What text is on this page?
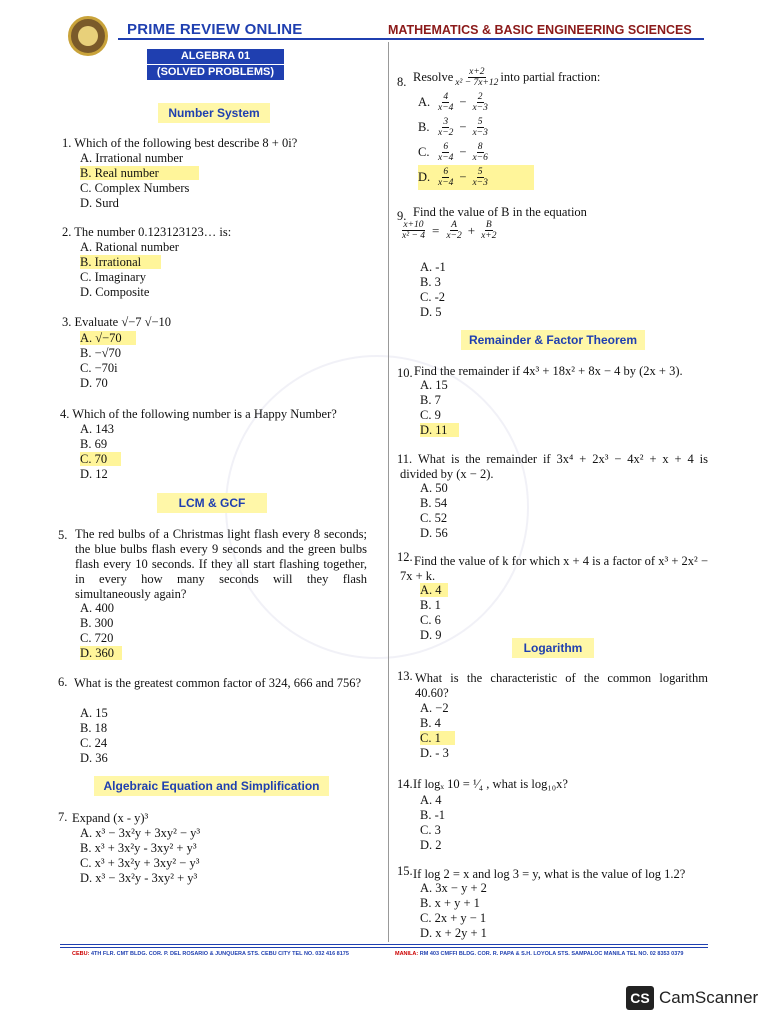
PRIME REVIEW ONLINE	MATHEMATICS & BASIC ENGINEERING SCIENCES
ALGEBRA 01
(SOLVED PROBLEMS)
Number System
1. Which of the following best describe 8 + 0i?
A. Irrational number
B. Real number
C. Complex Numbers
D. Surd
2. The number 0.123123123… is:
A. Rational number
B. Irrational
C. Imaginary
D. Composite
3. Evaluate √−7 √−10
A. √−70
B. −√70
C. −70i
D. 70
4. Which of the following number is a Happy Number?
A. 143
B. 69
C. 70
D. 12
LCM & GCF
5. The red bulbs of a Christmas light flash every 8 seconds; the blue bulbs flash every 9 seconds and the green bulbs flash every 10 seconds. If they all start flashing together, in every how many seconds will they flash simultaneously again?
A. 400
B. 300
C. 720
D. 360
6. What is the greatest common factor of 324, 666 and 756?
A. 15
B. 18
C. 24
D. 36
Algebraic Equation and Simplification
7. Expand (x - y)³
A. x³ − 3x²y + 3xy² − y³
B. x³ + 3x²y - 3xy² + y³
C. x³ + 3x²y + 3xy² − y³
D. x³ − 3x²y - 3xy² + y³
8. Resolve $\frac{x+2}{\text{x² − 7x+12}}$ into partial fraction:
A. $\frac{4}{x-4} - \frac{2}{x-3}$
B. $\frac{3}{x-2} - \frac{5}{x-3}$
C. $\frac{6}{x-4} - \frac{8}{x-6}$
D. $\frac{6}{x-4} - \frac{5}{x-3}$
9. Find the value of B in the equation
$\frac{x+10}{\text{x² − 4}} = \frac{A}{x-2} + \frac{B}{x+2}$
A. -1
B. 3
C. -2
D. 5
Remainder & Factor Theorem
10. Find the remainder if 4x³ + 18x² + 8x − 4 by (2x + 3).
A. 15
B. 7
C. 9
D. 11
11. What is the remainder if 3x⁴ + 2x³ − 4x² + x + 4 is divided by (x − 2).
A. 50
B. 54
C. 52
D. 56
12. Find the value of k for which x + 4 is a factor of x³ + 2x² − 7x + k.
A. 4
B. 1
C. 6
D. 9
Logarithm
13. What is the characteristic of the common logarithm 40.60?
A. −2
B. 4
C. 1
D. - 3
14. If logₓ 10 = ¹⁄₄ , what is log₁₀x?
A. 4
B. -1
C. 3
D. 2
15. If log 2 = x and log 3 = y, what is the value of log 1.2?
A. 3x − y + 2
B. x + y + 1
C. 2x + y − 1
D. x + 2y + 1
CEBU: 4TH FLR. CMT BLDG. COR. P. DEL ROSARIO & JUNQUERA STS. CEBU CITY TEL NO. 032 416 8175	MANILA: RM 403 CMFFI BLDG. COR. R. PAPA & S.H. LOYOLA STS. SAMPALOC MANILA TEL NO. 02 8353 0379
CS CamScanner
